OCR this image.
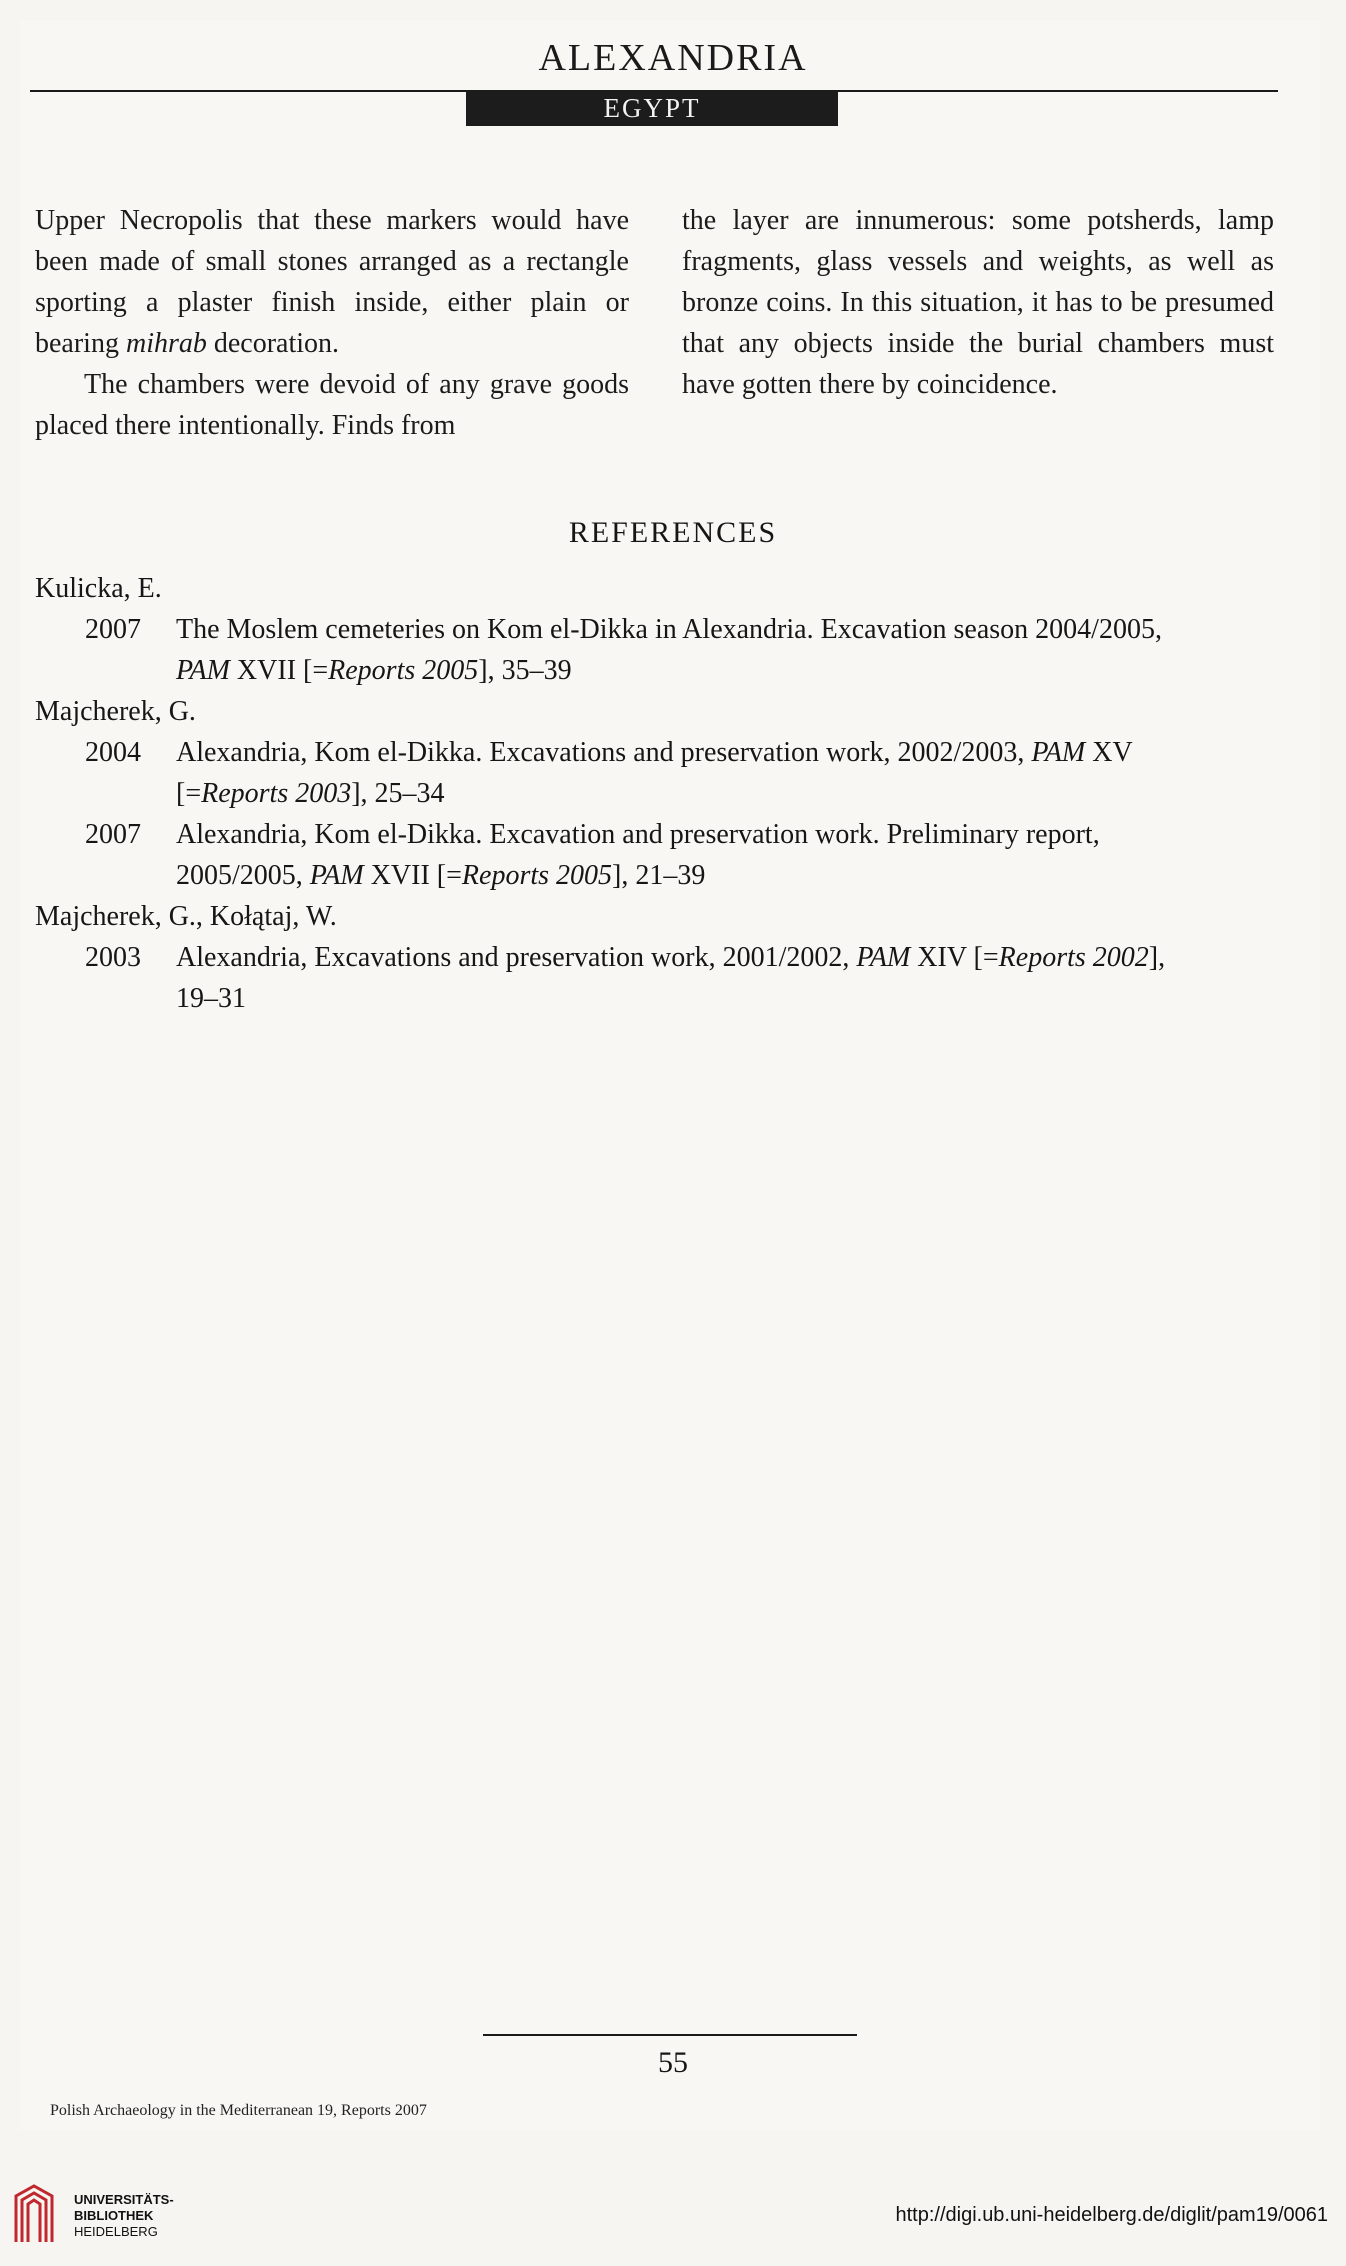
ALEXANDRIA
EGYPT

Upper Necropolis that these markers would have been made of small stones arranged as a rectangle sporting a plaster finish inside, either plain or bearing mihrab decoration.

The chambers were devoid of any grave goods placed there intentionally. Finds from

the layer are innumerous: some potsherds, lamp fragments, glass vessels and weights, as well as bronze coins. In this situation, it has to be presumed that any objects inside the burial chambers must have gotten there by coincidence.

REFERENCES
Kulicka, E.
2007 The Moslem cemeteries on Kom el-Dikka in Alexandria. Excavation season 2004/2005,
PAM XVII [=Reports 2005], 35–39
Majcherek, G.
2004 Alexandria, Kom el-Dikka. Excavations and preservation work, 2002/2003, PAM XV
[=Reports 2003], 25–34
2007 Alexandria, Kom el-Dikka. Excavation and preservation work. Preliminary report,
2005/2005, PAM XVII [=Reports 2005], 21–39
Majcherek, G., Kołątaj, W.
2003 Alexandria, Excavations and preservation work, 2001/2002, PAM XIV [=Reports 2002],
19–31
55
Polish Archaeology in the Mediterranean 19, Reports 2007
UNIVERSITÄTS-
BIBLIOTHEK
HEIDELBERG
http://digi.ub.uni-heidelberg.de/diglit/pam19/0061
